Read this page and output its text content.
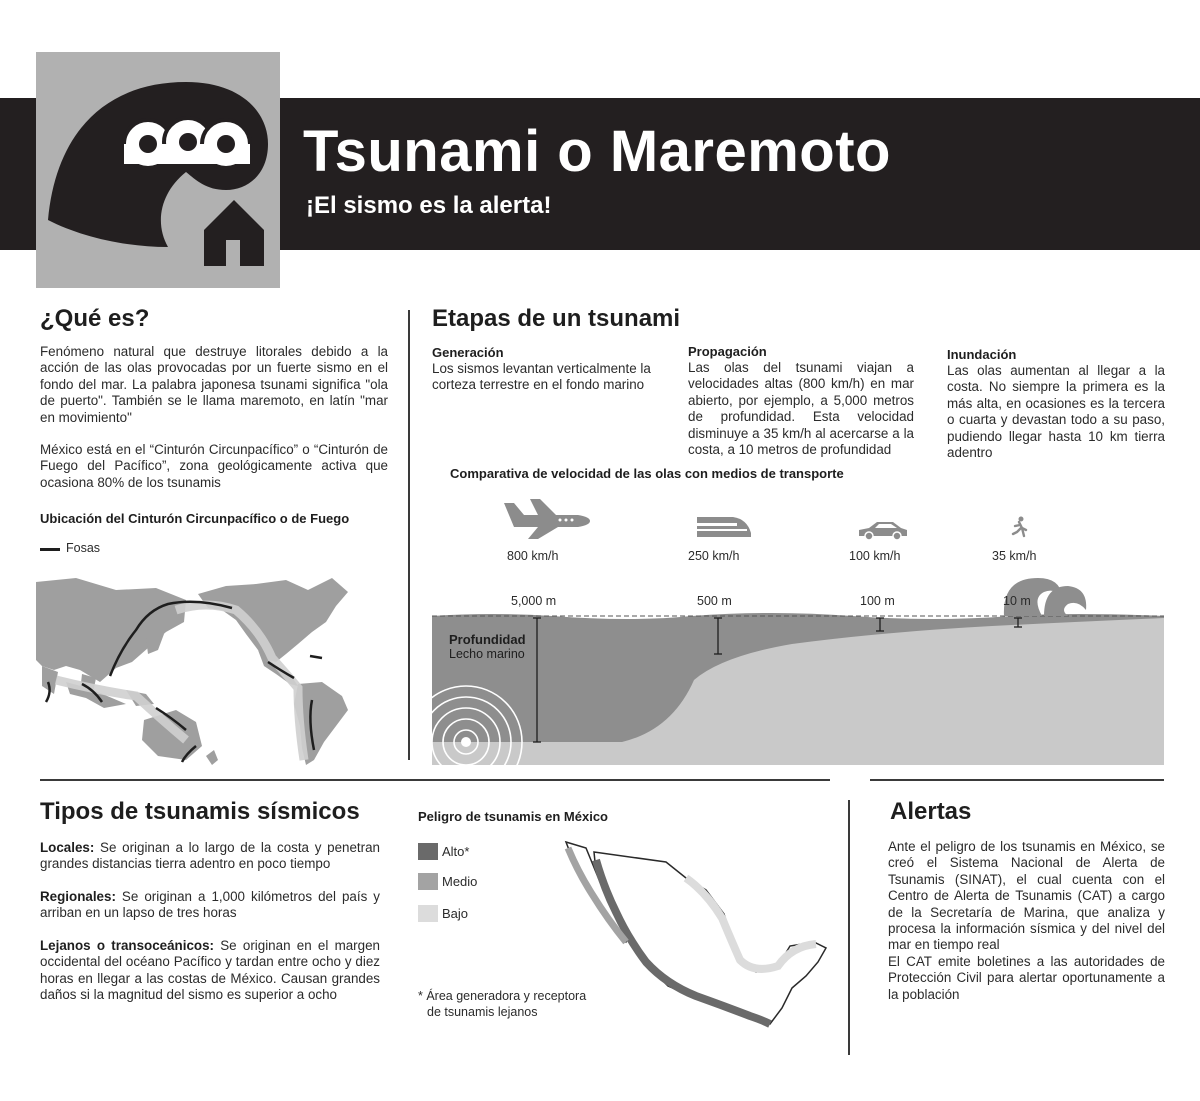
Tsunami o Maremoto
¡El sismo es la alerta!
¿Qué es?
Fenómeno natural que destruye litorales debido a la acción de las olas provocadas por un fuerte sismo en el fondo del mar. La palabra japonesa tsunami significa "ola de puerto". También se le llama maremoto, en latín "mar en movimiento"
México está en el “Cinturón Circunpacífico” o “Cinturón de Fuego del Pacífico”, zona geológicamente activa que ocasiona 80% de los tsunamis
Ubicación del Cinturón Circunpacífico o de Fuego
Fosas
Etapas de un tsunami
Generación
Los sismos levantan verticalmente la corteza terrestre en el fondo marino
Propagación
Las olas del tsunami viajan a velocidades altas (800 km/h) en mar abierto, por ejemplo, a 5,000 metros de profundidad. Esta velocidad disminuye a 35 km/h al acercarse a la costa, a 10 metros de profundidad
Inundación
Las olas aumentan al llegar a la costa. No siempre la primera es la más alta, en ocasiones es la tercera o cuarta y devastan todo a su paso, pudiendo llegar hasta 10 km tierra adentro
Comparativa de velocidad de las olas con medios de transporte
800 km/h	250 km/h	100 km/h	35 km/h
5,000 m	500 m	100 m	10 m
Profundidad
Lecho marino
Tipos de tsunamis sísmicos
Locales: Se originan a lo largo de la costa y penetran grandes distancias tierra adentro en poco tiempo
Regionales: Se originan a 1,000 kilómetros del país y arriban en un lapso de tres horas
Lejanos o transoceánicos: Se originan en el margen occidental del océano Pacífico y tardan entre ocho y diez horas en llegar a las costas de México. Causan grandes daños si la magnitud del sismo es superior a ocho
Peligro de tsunamis en México
Alto*
Medio
Bajo
* Área generadora y receptora
de tsunamis lejanos
Alertas
Ante el peligro de los tsunamis en México, se creó el Sistema Nacional de Alerta de Tsunamis (SINAT), el cual cuenta con el Centro de Alerta de Tsunamis (CAT) a cargo de la Secretaría de Marina, que analiza y procesa la información sísmica y del nivel del mar en tiempo real
El CAT emite boletines a las autoridades de Protección Civil para alertar oportunamente a la población
